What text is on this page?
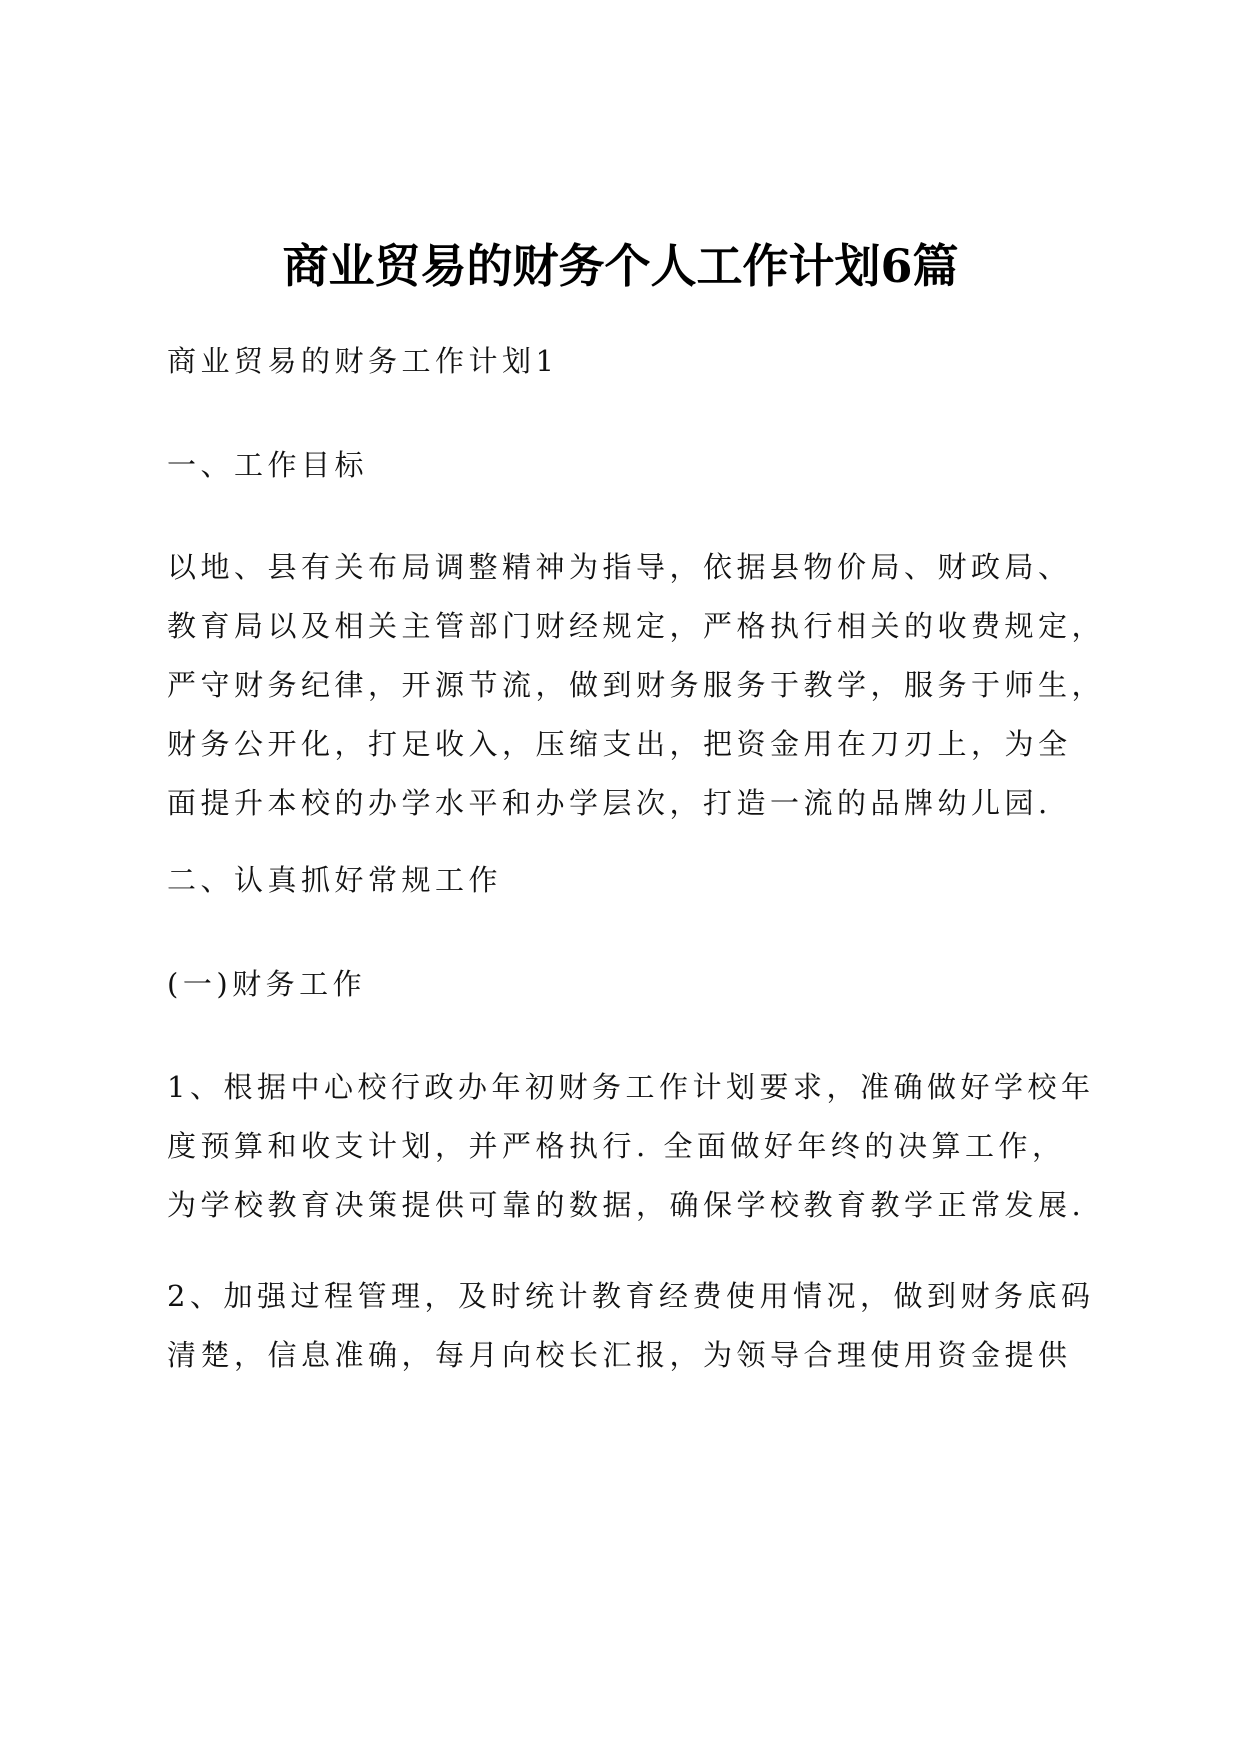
商业贸易的财务个人工作计划6篇
商业贸易的财务工作计划1
一、工作目标
以地、县有关布局调整精神为指导，依据县物价局、财政局、
教育局以及相关主管部门财经规定，严格执行相关的收费规定，
严守财务纪律，开源节流，做到财务服务于教学，服务于师生，
财务公开化，打足收入，压缩支出，把资金用在刀刃上，为全
面提升本校的办学水平和办学层次，打造一流的品牌幼儿园.
二、认真抓好常规工作
(一)财务工作
1、根据中心校行政办年初财务工作计划要求，准确做好学校年
度预算和收支计划，并严格执行. 全面做好年终的决算工作，
为学校教育决策提供可靠的数据，确保学校教育教学正常发展.
2、加强过程管理，及时统计教育经费使用情况，做到财务底码
清楚，信息准确，每月向校长汇报，为领导合理使用资金提供
